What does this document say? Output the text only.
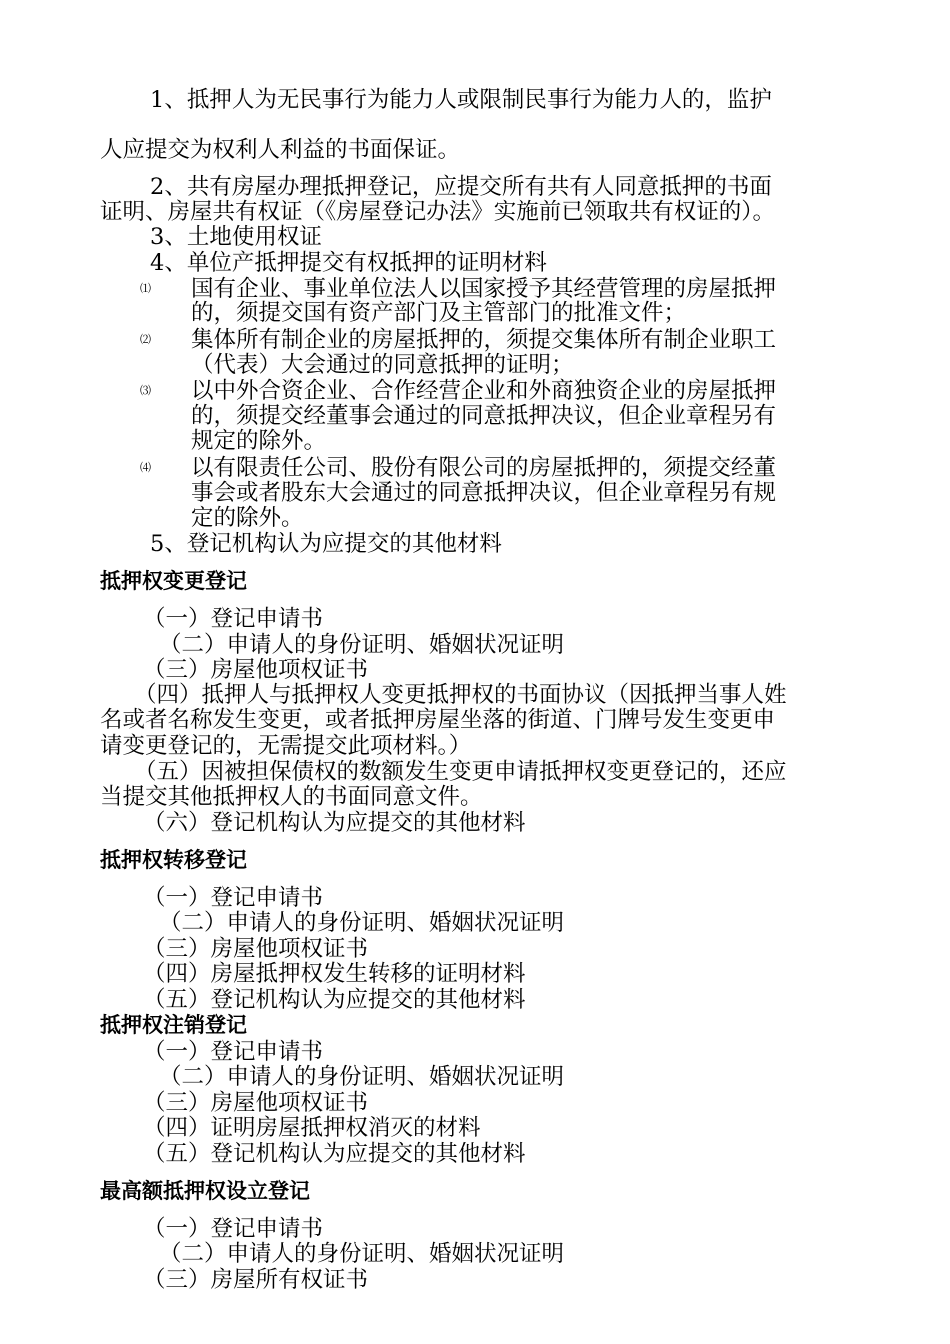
1、抵押人为无民事行为能力人或限制民事行为能力人的，监护
人应提交为权利人利益的书面保证。
2、共有房屋办理抵押登记，应提交所有共有人同意抵押的书面
证明、房屋共有权证（《房屋登记办法》实施前已领取共有权证的）。
3、土地使用权证
4、单位产抵押提交有权抵押的证明材料
⑴ 国有企业、事业单位法人以国家授予其经营管理的房屋抵押
的，须提交国有资产部门及主管部门的批准文件；
⑵ 集体所有制企业的房屋抵押的，须提交集体所有制企业职工
（代表）大会通过的同意抵押的证明；
⑶ 以中外合资企业、合作经营企业和外商独资企业的房屋抵押
的，须提交经董事会通过的同意抵押决议，但企业章程另有
规定的除外。
⑷ 以有限责任公司、股份有限公司的房屋抵押的，须提交经董
事会或者股东大会通过的同意抵押决议，但企业章程另有规
定的除外。
5、登记机构认为应提交的其他材料
抵押权变更登记
（一）登记申请书
（二）申请人的身份证明、婚姻状况证明
（三）房屋他项权证书
（四）抵押人与抵押权人变更抵押权的书面协议（因抵押当事人姓
名或者名称发生变更，或者抵押房屋坐落的街道、门牌号发生变更申
请变更登记的，无需提交此项材料。）
（五）因被担保债权的数额发生变更申请抵押权变更登记的，还应
当提交其他抵押权人的书面同意文件。
（六）登记机构认为应提交的其他材料
抵押权转移登记
（一）登记申请书
（二）申请人的身份证明、婚姻状况证明
（三）房屋他项权证书
（四）房屋抵押权发生转移的证明材料
（五）登记机构认为应提交的其他材料
抵押权注销登记
（一）登记申请书
（二）申请人的身份证明、婚姻状况证明
（三）房屋他项权证书
（四）证明房屋抵押权消灭的材料
（五）登记机构认为应提交的其他材料
最高额抵押权设立登记
（一）登记申请书
（二）申请人的身份证明、婚姻状况证明
（三）房屋所有权证书
